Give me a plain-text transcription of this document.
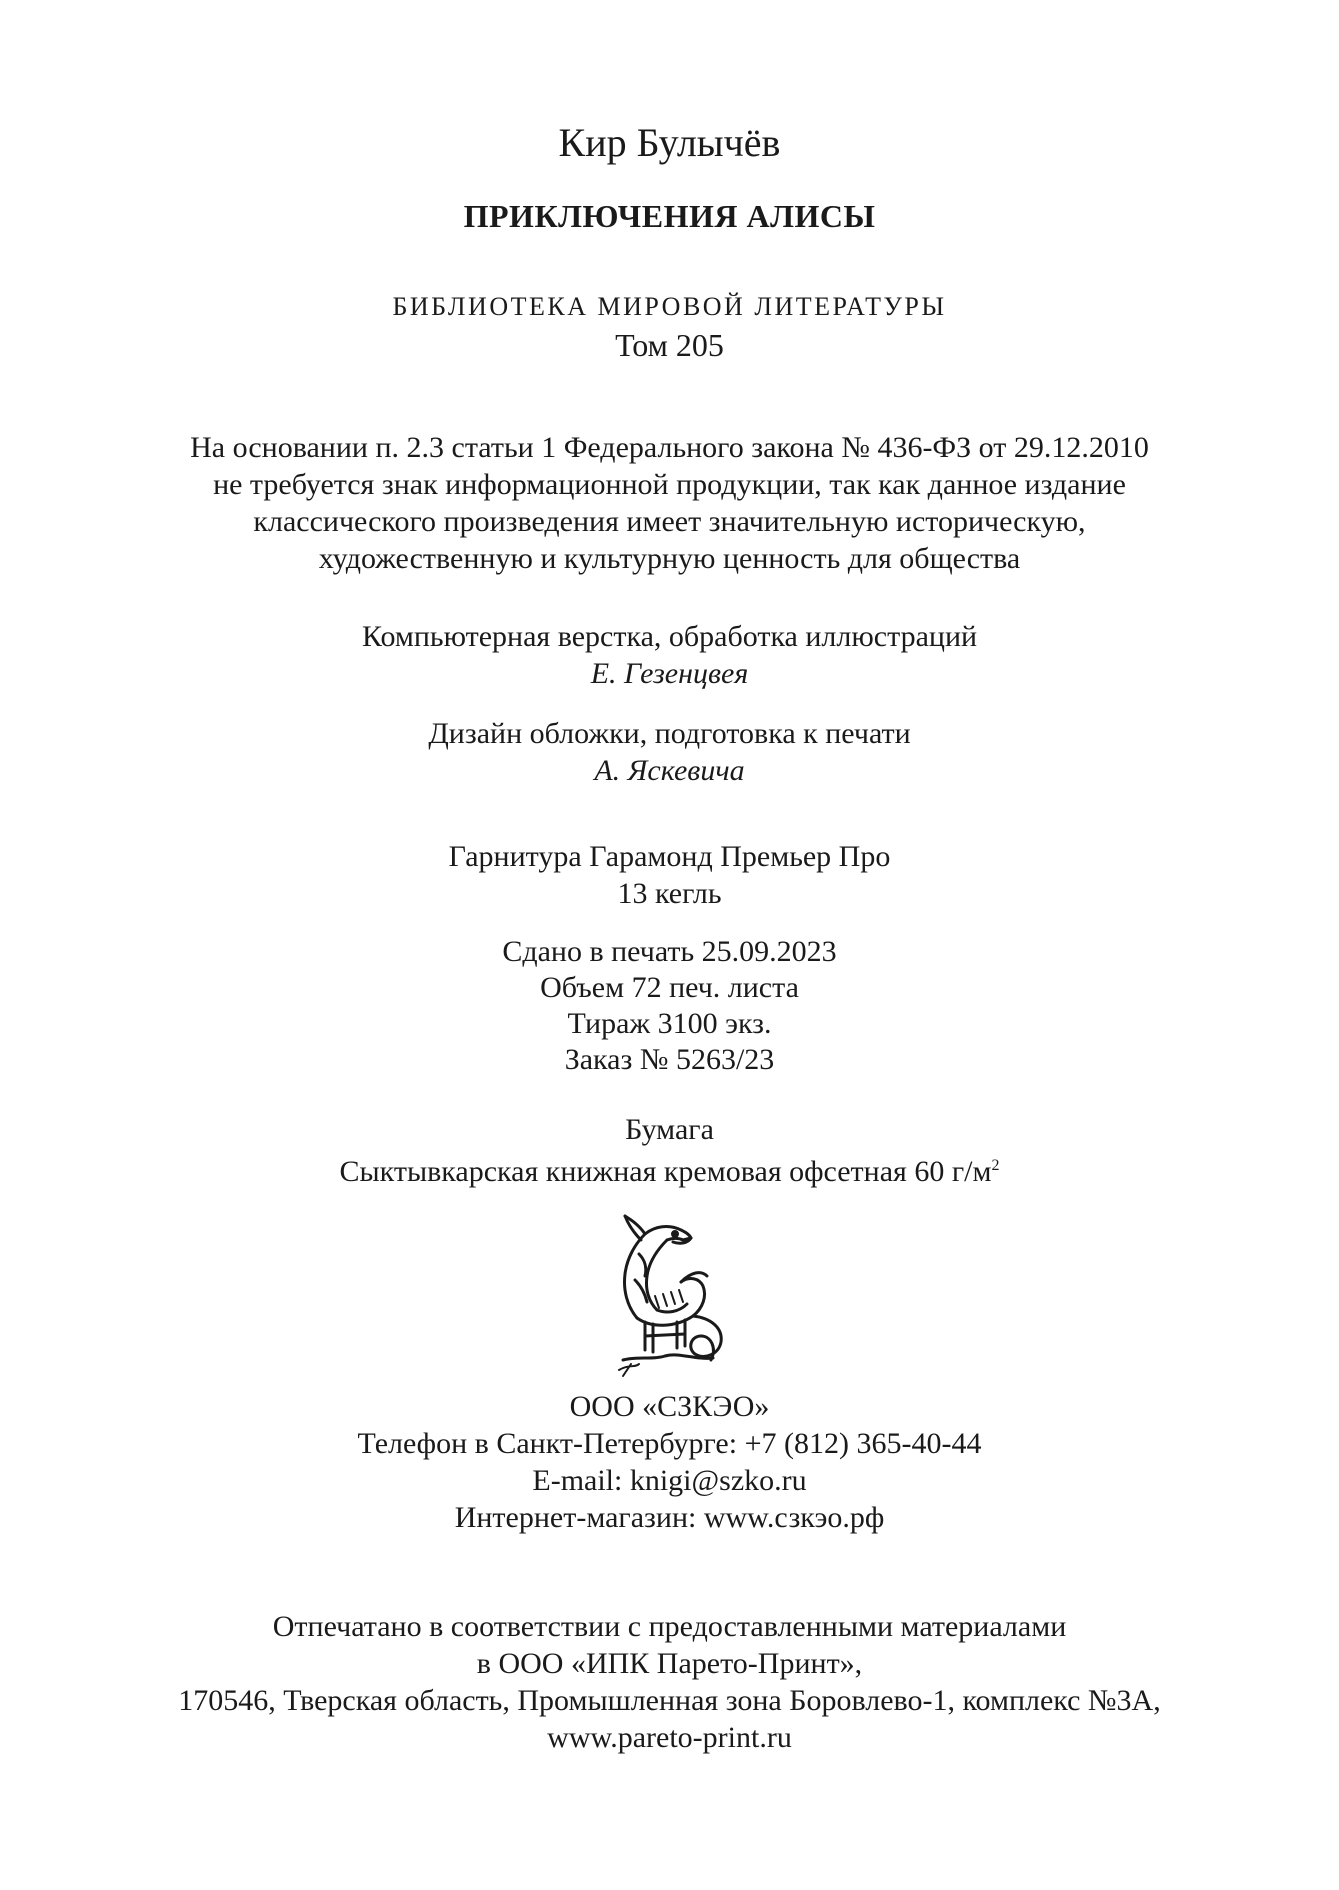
Кир Булычёв
ПРИКЛЮЧЕНИЯ АЛИСЫ
БИБЛИОТЕКА МИРОВОЙ ЛИТЕРАТУРЫ
Том 205
На основании п. 2.3 статьи 1 Федерального закона № 436-ФЗ от 29.12.2010
не требуется знак информационной продукции, так как данное издание
классического произведения имеет значительную историческую,
художественную и культурную ценность для общества
Компьютерная верстка, обработка иллюстраций
Е. Гезенцвея
Дизайн обложки, подготовка к печати
А. Яскевича
Гарнитура Гарамонд Премьер Про
13 кегль
Сдано в печать 25.09.2023
Объем 72 печ. листа
Тираж 3100 экз.
Заказ № 5263/23
Бумага
Сыктывкарская книжная кремовая офсетная 60 $г/м^2$
ООО «СЗКЭО»
Телефон в Санкт-Петербурге: +7 (812) 365-40-44
E-mail: knigi@szko.ru
Интернет-магазин: www.сзкэо.рф
Отпечатано в соответствии с предоставленными материалами
в ООО «ИПК Парето-Принт»,
170546, Тверская область, Промышленная зона Боровлево-1, комплекс №3А,
www.pareto-print.ru
